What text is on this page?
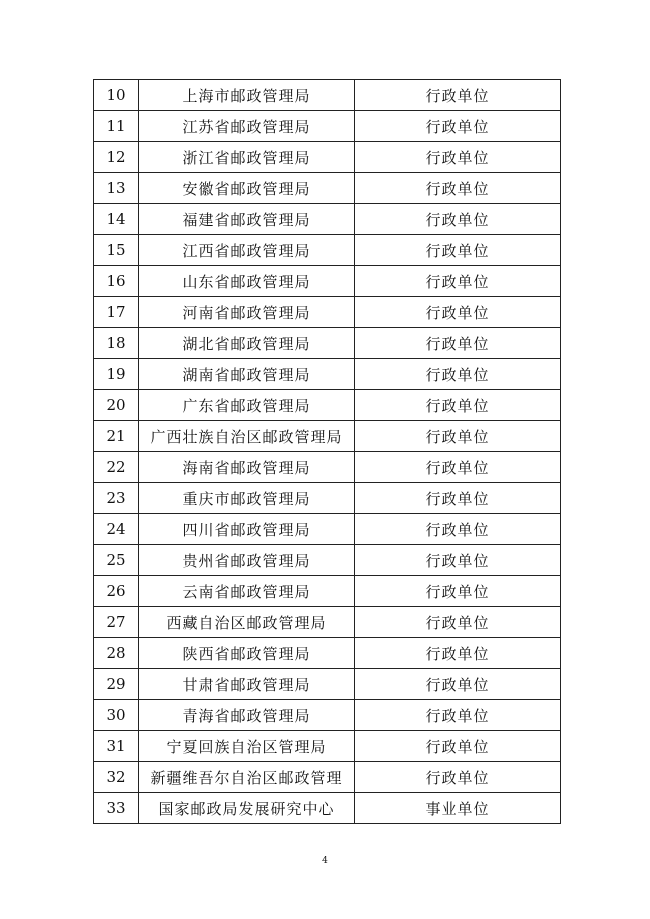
10	上海市邮政管理局	行政单位
11	江苏省邮政管理局	行政单位
12	浙江省邮政管理局	行政单位
13	安徽省邮政管理局	行政单位
14	福建省邮政管理局	行政单位
15	江西省邮政管理局	行政单位
16	山东省邮政管理局	行政单位
17	河南省邮政管理局	行政单位
18	湖北省邮政管理局	行政单位
19	湖南省邮政管理局	行政单位
20	广东省邮政管理局	行政单位
21	广西壮族自治区邮政管理局	行政单位
22	海南省邮政管理局	行政单位
23	重庆市邮政管理局	行政单位
24	四川省邮政管理局	行政单位
25	贵州省邮政管理局	行政单位
26	云南省邮政管理局	行政单位
27	西藏自治区邮政管理局	行政单位
28	陕西省邮政管理局	行政单位
29	甘肃省邮政管理局	行政单位
30	青海省邮政管理局	行政单位
31	宁夏回族自治区管理局	行政单位
32	新疆维吾尔自治区邮政管理	行政单位
33	国家邮政局发展研究中心	事业单位
4
